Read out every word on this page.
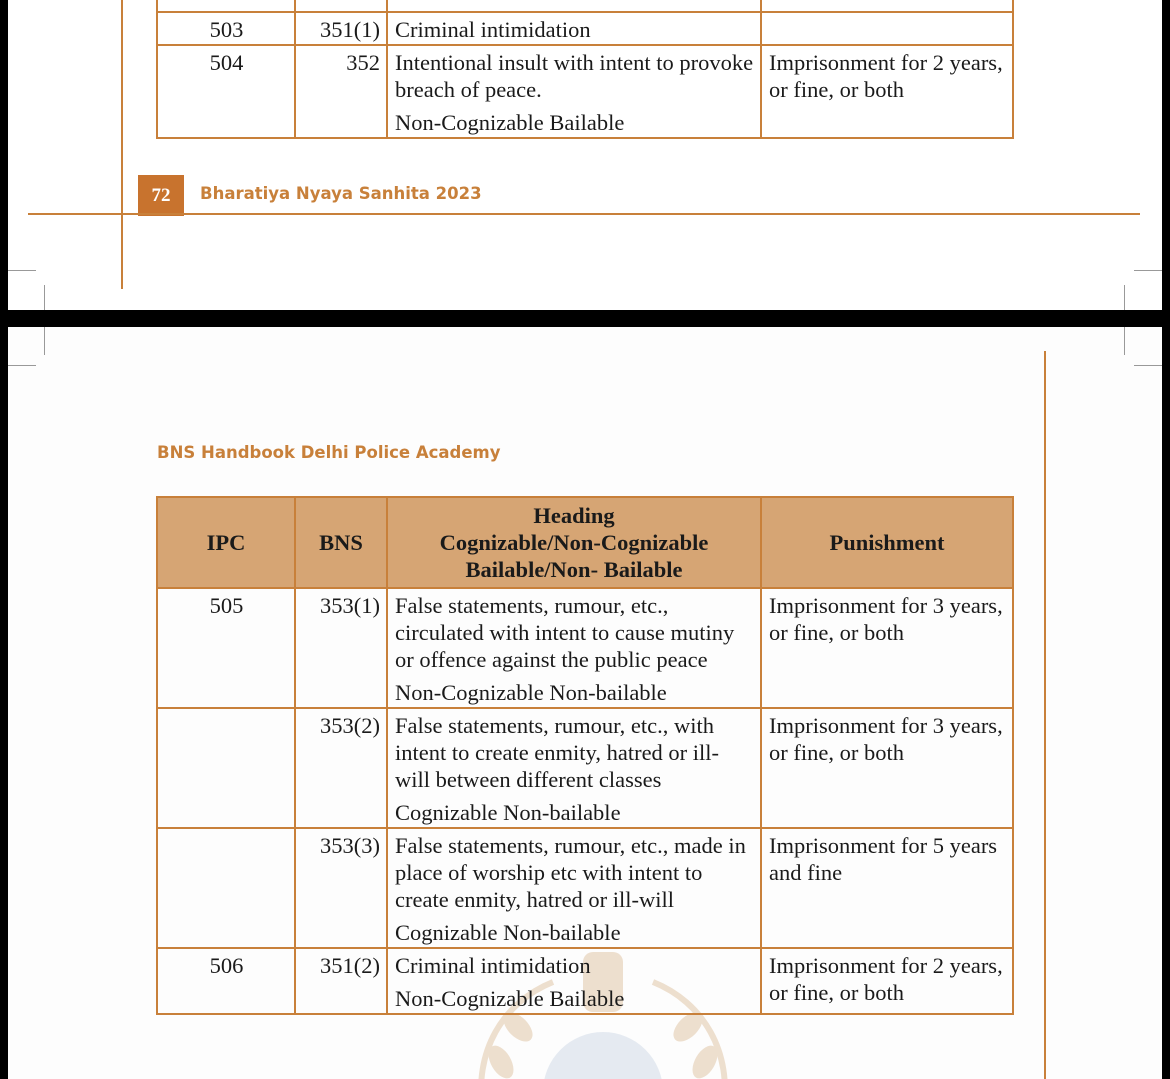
503	351(1)	Criminal intimidation	
504	352	Intentional insult with intent to provoke breach of peace.
Non-Cognizable Bailable	Imprisonment for 2 years, or fine, or both
72	Bharatiya Nyaya Sanhita 2023
BNS Handbook Delhi Police Academy
IPC	BNS	Heading
Cognizable/Non-Cognizable
Bailable/Non- Bailable	Punishment
505	353(1)	False statements, rumour, etc., circulated with intent to cause mutiny or offence against the public peace
Non-Cognizable Non-bailable	Imprisonment for 3 years, or fine, or both
	353(2)	False statements, rumour, etc., with intent to create enmity, hatred or ill-will between different classes
Cognizable Non-bailable	Imprisonment for 3 years, or fine, or both
	353(3)	False statements, rumour, etc., made in place of worship etc with intent to create enmity, hatred or ill-will
Cognizable Non-bailable	Imprisonment for 5 years and fine
506	351(2)	Criminal intimidation
Non-Cognizable Bailable	Imprisonment for 2 years, or fine, or both
